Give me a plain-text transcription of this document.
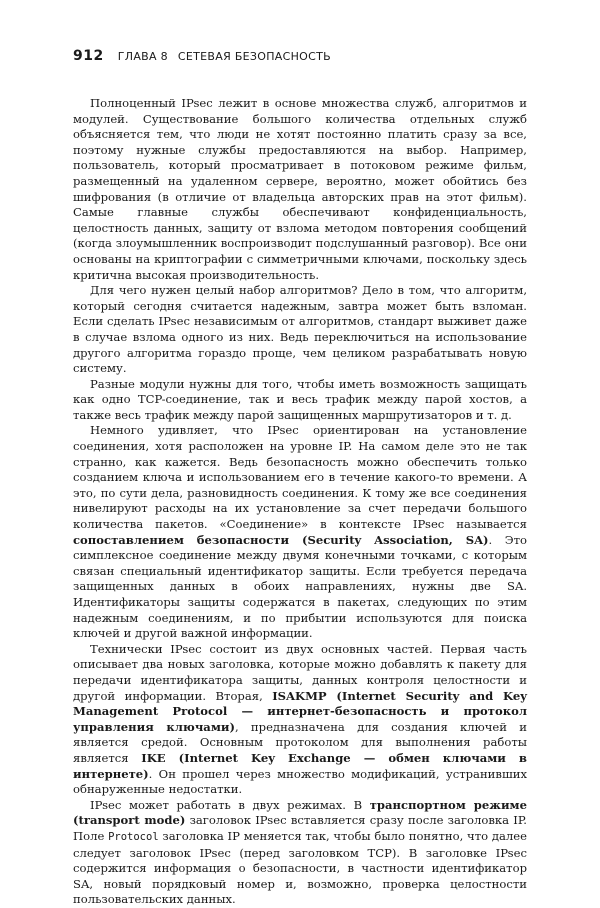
912 ГЛАВА 8 СЕТЕВАЯ БЕЗОПАСНОСТЬ

Полноценный IPsec лежит в основе множества служб, алгоритмов и модулей. Существование большого количества отдельных служб объясняется тем, что люди не хотят постоянно платить сразу за все, поэтому нужные службы предоставляются на выбор. Например, пользователь, который просматривает в потоковом режиме фильм, размещенный на удаленном сервере, вероятно, может обойтись без шифрования (в отличие от владельца авторских прав на этот фильм). Самые главные службы обеспечивают конфиденциальность, целостность данных, защиту от взлома методом повторения сообщений (когда злоумышленник воспроизводит подслушанный разговор). Все они основаны на криптографии с симметричными ключами, поскольку здесь критична высокая производительность.

Для чего нужен целый набор алгоритмов? Дело в том, что алгоритм, который сегодня считается надежным, завтра может быть взломан. Если сделать IPsec независимым от алгоритмов, стандарт выживет даже в случае взлома одного из них. Ведь переключиться на использование другого алгоритма гораздо проще, чем целиком разрабатывать новую систему.

Разные модули нужны для того, чтобы иметь возможность защищать как одно TCP-соединение, так и весь трафик между парой хостов, а также весь трафик между парой защищенных маршрутизаторов и т. д.

Немного удивляет, что IPsec ориентирован на установление соединения, хотя расположен на уровне IP. На самом деле это не так странно, как кажется. Ведь безопасность можно обеспечить только созданием ключа и использованием его в течение какого-то времени. А это, по сути дела, разновидность соединения. К тому же все соединения нивелируют расходы на их установление за счет передачи большого количества пакетов. «Соединение» в контексте IPsec называется сопоставлением безопасности (Security Association, SA). Это симплексное соединение между двумя конечными точками, с которым связан специальный идентификатор защиты. Если требуется передача защищенных данных в обоих направлениях, нужны две SA. Идентификаторы защиты содержатся в пакетах, следующих по этим надежным соединениям, и по прибытии используются для поиска ключей и другой важной информации.

Технически IPsec состоит из двух основных частей. Первая часть описывает два новых заголовка, которые можно добавлять к пакету для передачи идентификатора защиты, данных контроля целостности и другой информации. Вторая, ISAKMP (Internet Security and Key Management Protocol — интернет-безопасность и протокол управления ключами), предназначена для создания ключей и является средой. Основным протоколом для выполнения работы является IKE (Internet Key Exchange — обмен ключами в интернете). Он прошел через множество модификаций, устранивших обнаруженные недостатки.

IPsec может работать в двух режимах. В транспортном режиме (transport mode) заголовок IPsec вставляется сразу после заголовка IP. Поле Protocol заголовка IP меняется так, чтобы было понятно, что далее следует заголовок IPsec (перед заголовком TCP). В заголовке IPsec содержится информация о безопасности, в частности идентификатор SA, новый порядковый номер и, возможно, проверка целостности пользовательских данных.
